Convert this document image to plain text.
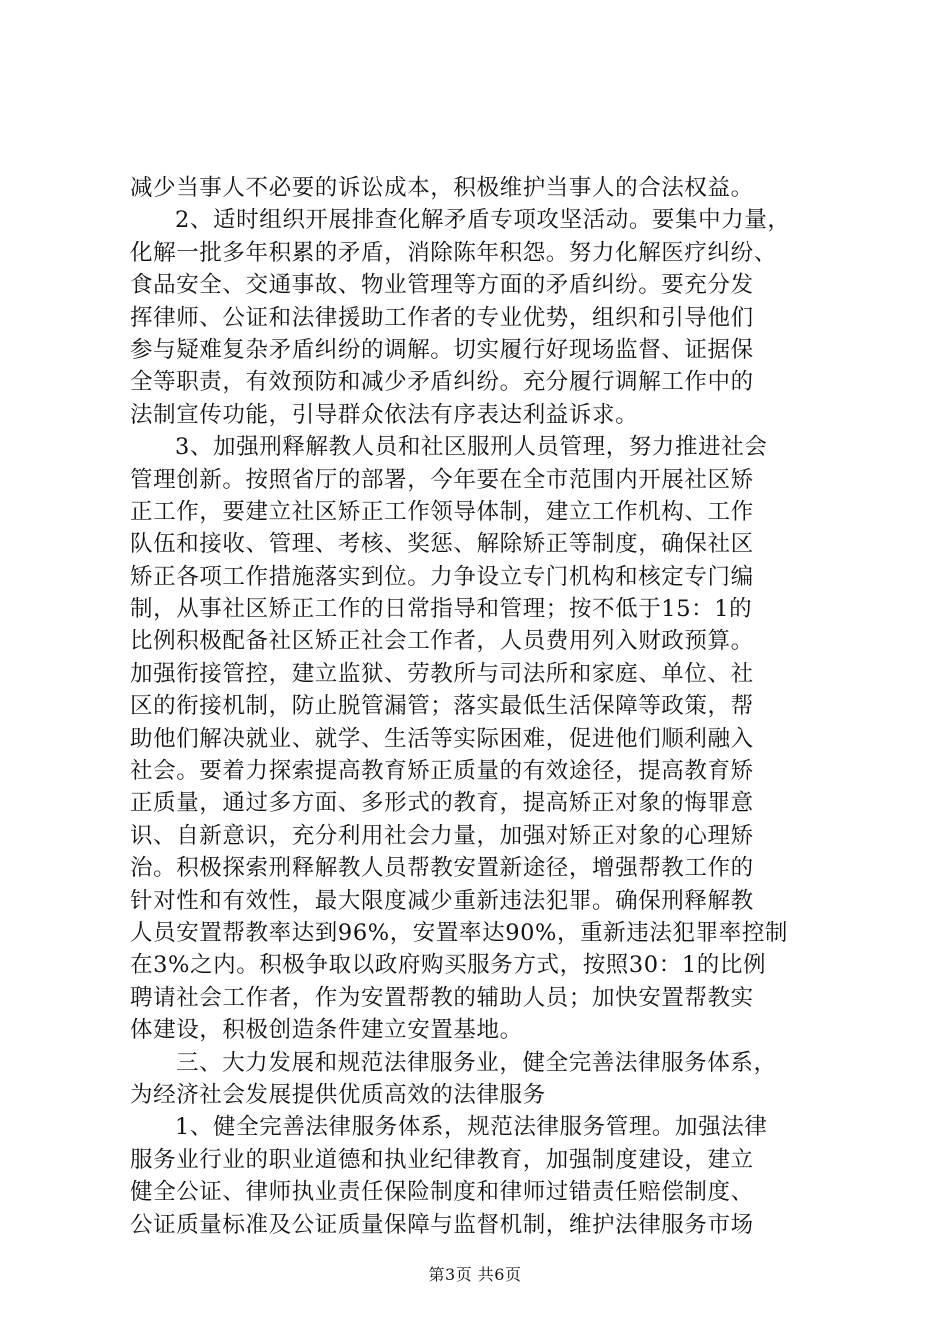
减少当事人不必要的诉讼成本，积极维护当事人的合法权益。
2、适时组织开展排查化解矛盾专项攻坚活动。要集中力量，
化解一批多年积累的矛盾，消除陈年积怨。努力化解医疗纠纷、
食品安全、交通事故、物业管理等方面的矛盾纠纷。要充分发
挥律师、公证和法律援助工作者的专业优势，组织和引导他们
参与疑难复杂矛盾纠纷的调解。切实履行好现场监督、证据保
全等职责，有效预防和减少矛盾纠纷。充分履行调解工作中的
法制宣传功能，引导群众依法有序表达利益诉求。
3、加强刑释解教人员和社区服刑人员管理，努力推进社会
管理创新。按照省厅的部署，今年要在全市范围内开展社区矫
正工作，要建立社区矫正工作领导体制，建立工作机构、工作
队伍和接收、管理、考核、奖惩、解除矫正等制度，确保社区
矫正各项工作措施落实到位。力争设立专门机构和核定专门编
制，从事社区矫正工作的日常指导和管理；按不低于15：1的
比例积极配备社区矫正社会工作者，人员费用列入财政预算。
加强衔接管控，建立监狱、劳教所与司法所和家庭、单位、社
区的衔接机制，防止脱管漏管；落实最低生活保障等政策，帮
助他们解决就业、就学、生活等实际困难，促进他们顺利融入
社会。要着力探索提高教育矫正质量的有效途径，提高教育矫
正质量，通过多方面、多形式的教育，提高矫正对象的悔罪意
识、自新意识，充分利用社会力量，加强对矫正对象的心理矫
治。积极探索刑释解教人员帮教安置新途径，增强帮教工作的
针对性和有效性，最大限度减少重新违法犯罪。确保刑释解教
人员安置帮教率达到96%，安置率达90%，重新违法犯罪率控制
在3%之内。积极争取以政府购买服务方式，按照30：1的比例
聘请社会工作者，作为安置帮教的辅助人员；加快安置帮教实
体建设，积极创造条件建立安置基地。
三、大力发展和规范法律服务业，健全完善法律服务体系，
为经济社会发展提供优质高效的法律服务
1、健全完善法律服务体系，规范法律服务管理。加强法律
服务业行业的职业道德和执业纪律教育，加强制度建设，建立
健全公证、律师执业责任保险制度和律师过错责任赔偿制度、
公证质量标准及公证质量保障与监督机制，维护法律服务市场
第3页 共6页
